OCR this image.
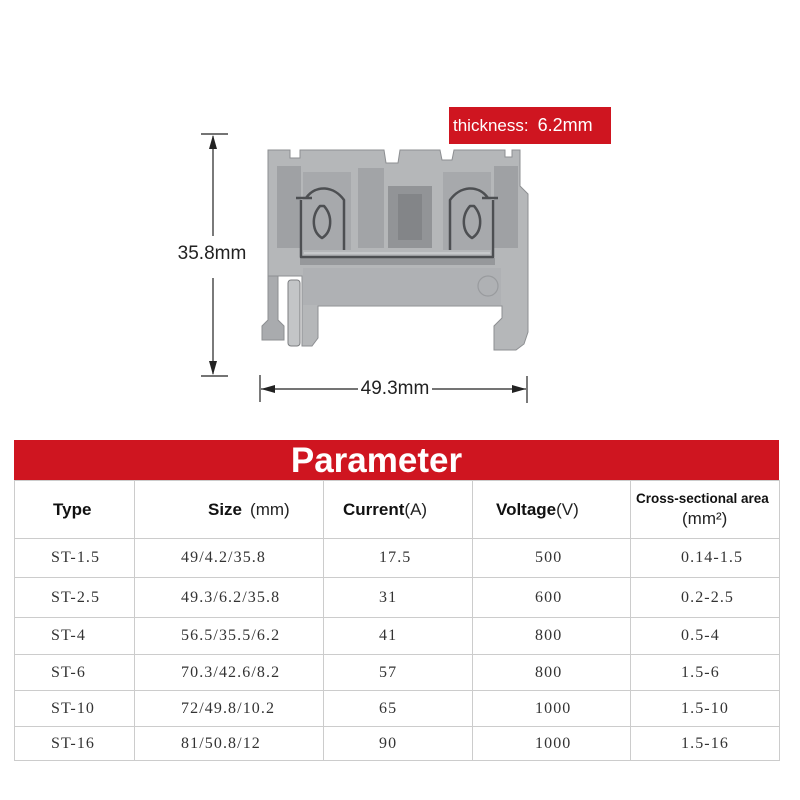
thickness: 6.2mm
35.8mm
49.3mm
Parameter
Type	Size (mm)	Current(A)	Voltage(V)	Cross-sectional area
(mm²)

ST-1.5	49/4.2/35.8	17.5	500	0.14-1.5
ST-2.5	49.3/6.2/35.8	31	600	0.2-2.5
ST-4	56.5/35.5/6.2	41	800	0.5-4
ST-6	70.3/42.6/8.2	57	800	1.5-6
ST-10	72/49.8/10.2	65	1000	1.5-10
ST-16	81/50.8/12	90	1000	1.5-16
